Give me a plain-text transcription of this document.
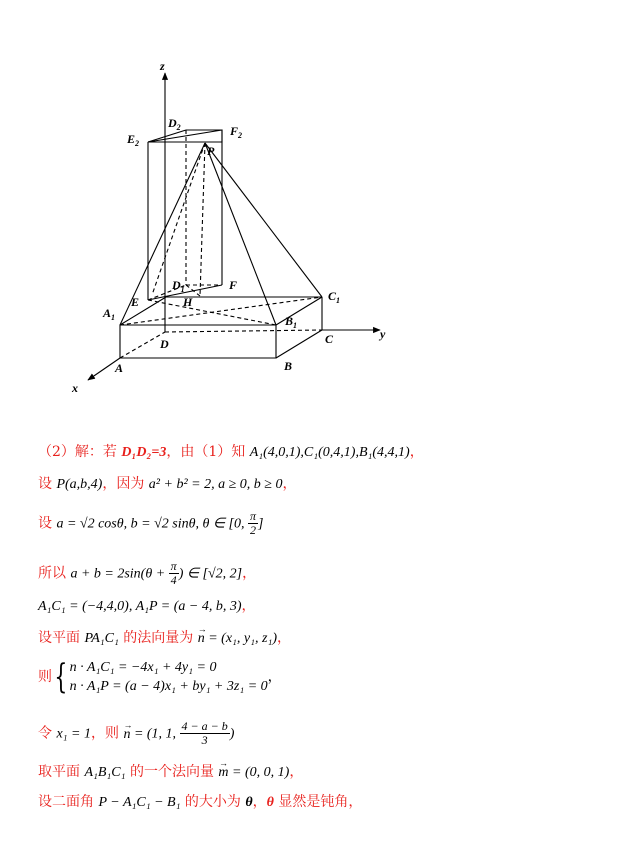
z
y
x
$D_2$
$E_2$
$F_2$
P
$D_1$	F
E	H
$A_1$	$B_1$
$C_1$
D
A	B
C
（2）解：若 D₁D₂=3，由（1）知 A₁(4,0,1),C₁(0,4,1),B₁(4,4,1)，
设 P(a,b,4)，因为 a² + b² = 2, a ≥ 0, b ≥ 0，
设 a = √2 cosθ, b = √2 sinθ, θ ∈ [0, $\frac{\pi}{2}$ ]
所以 $a + b = 2\sin(\theta + \frac{\pi}{4}$ ) ∈ [√2, 2]，
A₁C₁ = (−4,4,0), A₁P = (a − 4, b, 3)，
设平面 PA₁C₁ 的法向量为 → n = (x₁, y₁, z₁)，
则{ n · A₁C₁ = −4x₁ + 4y₁ = 0
n · A₁P = (a − 4)x₁ + by₁ + 3z₁ = 0
，
令 x₁ = 1，则 → n = (1, 1, $\frac{4 - a - b}{3}$ )
取平面 A₁B₁C₁ 的一个法向量 → m = (0, 0, 1)，
设二面角 P − A₁C₁ − B₁ 的大小为 θ，θ 显然是钝角，
